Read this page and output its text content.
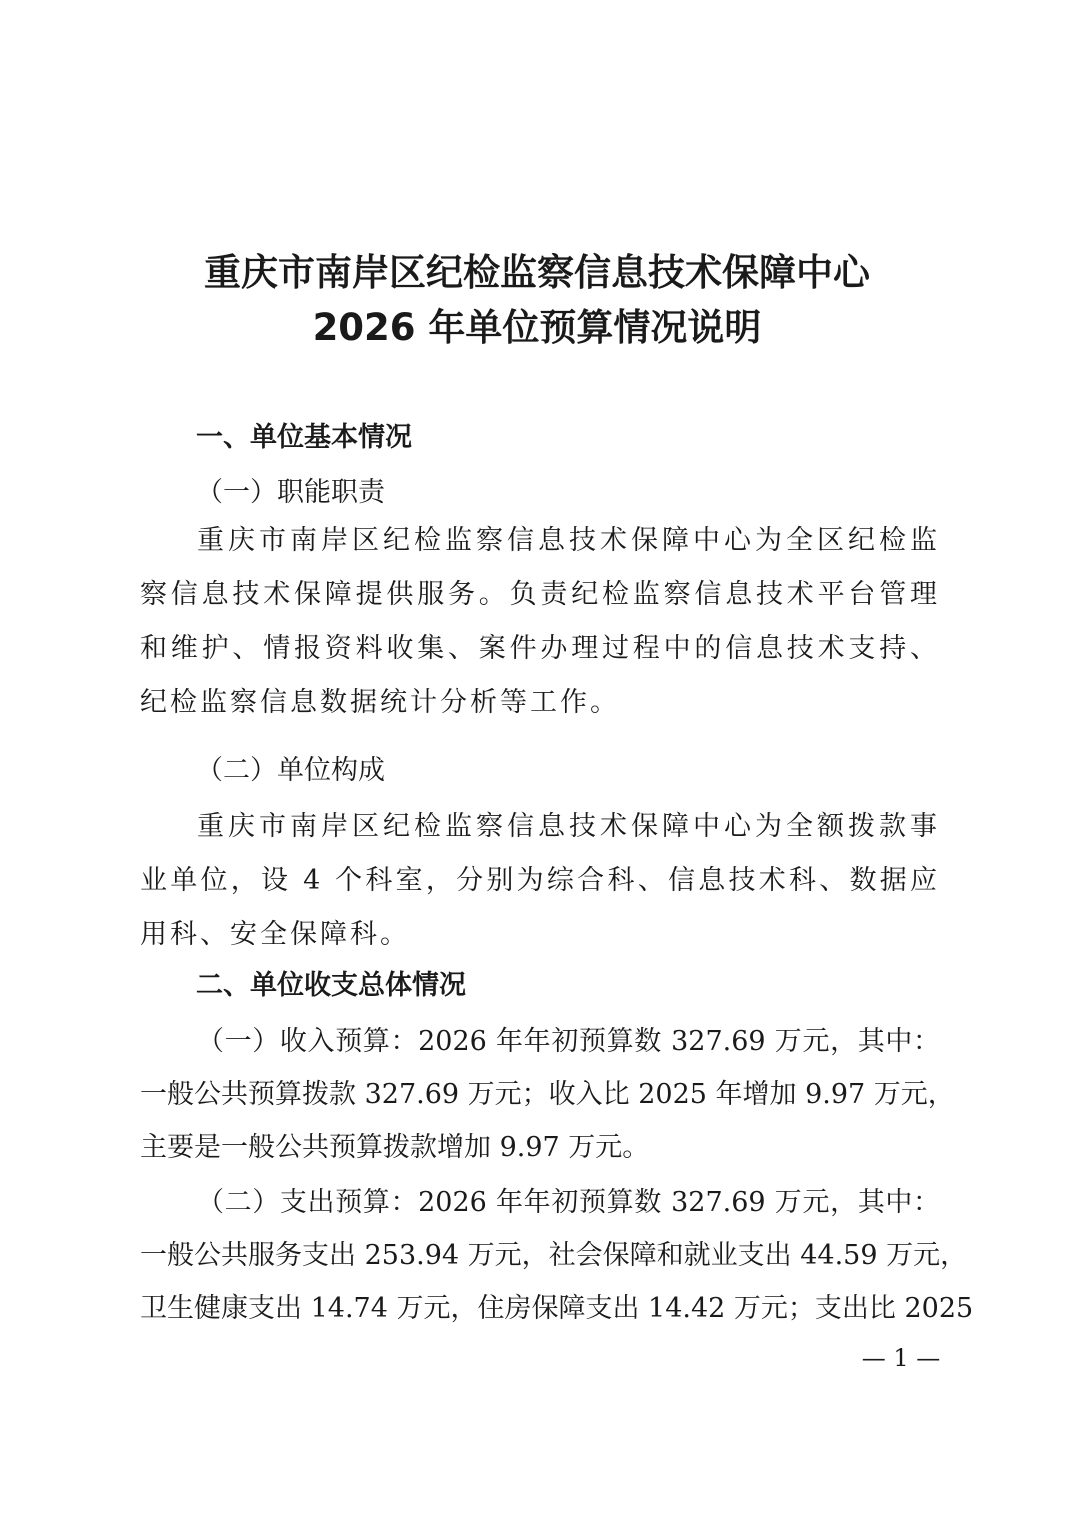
重庆市南岸区纪检监察信息技术保障中心
2026 年单位预算情况说明
一、单位基本情况
（一）职能职责

重庆市南岸区纪检监察信息技术保障中心为全区纪检监察信息技术保障提供服务。负责纪检监察信息技术平台管理和维护、情报资料收集、案件办理过程中的信息技术支持、纪检监察信息数据统计分析等工作。

（二）单位构成

重庆市南岸区纪检监察信息技术保障中心为全额拨款事业单位，设 4 个科室，分别为综合科、信息技术科、数据应用科、安全保障科。

二、单位收支总体情况
（一）收入预算：2026 年年初预算数 327.69 万元，其中：
一般公共预算拨款 327.69 万元；收入比 2025 年增加 9.97 万元，
主要是一般公共预算拨款增加 9.97 万元。
（二）支出预算：2026 年年初预算数 327.69 万元，其中：
一般公共服务支出 253.94 万元，社会保障和就业支出 44.59 万元，
卫生健康支出 14.74 万元，住房保障支出 14.42 万元；支出比 2025
— 1 —
